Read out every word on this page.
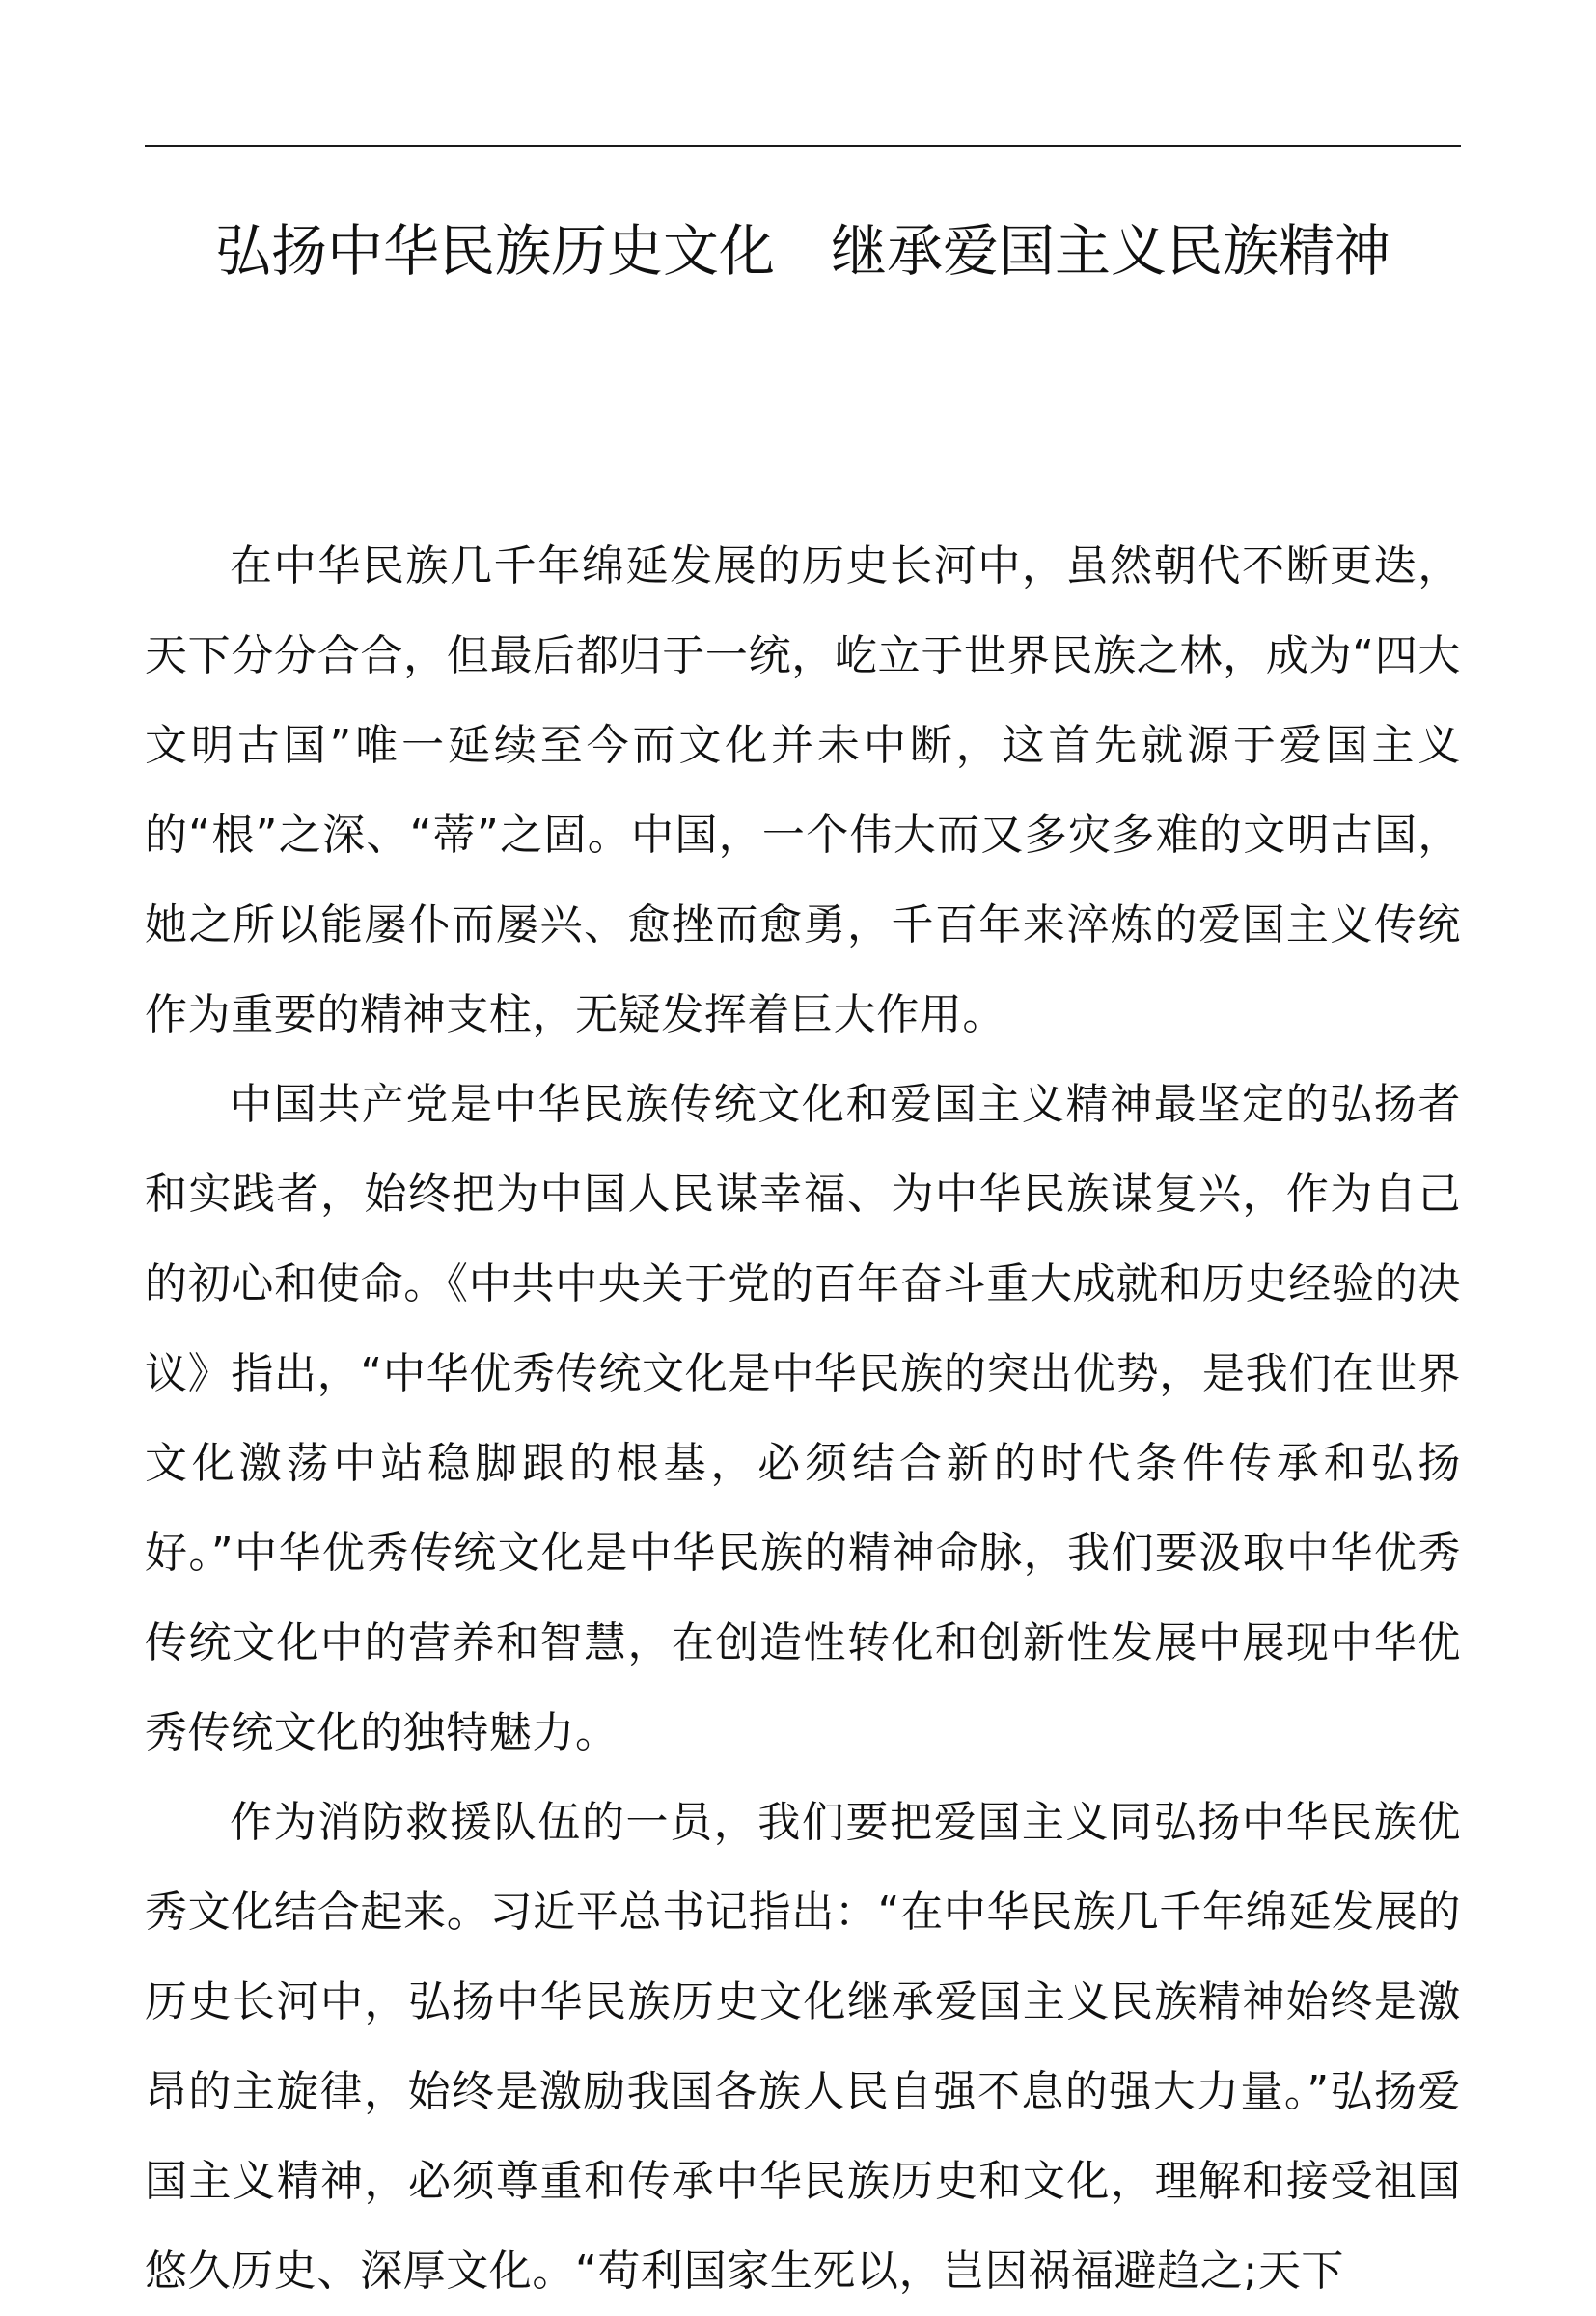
弘扬中华民族历史文化　继承爱国主义民族精神

在中华民族几千年绵延发展的历史长河中，虽然朝代不断更迭，天下分分合合，但最后都归于一统，屹立于世界民族之林，成为“四大文明古国”唯一延续至今而文化并未中断，这首先就源于爱国主义的“根”之深、“蒂”之固。中国，一个伟大而又多灾多难的文明古国，她之所以能屡仆而屡兴、愈挫而愈勇，千百年来淬炼的爱国主义传统作为重要的精神支柱，无疑发挥着巨大作用。

中国共产党是中华民族传统文化和爱国主义精神最坚定的弘扬者和实践者，始终把为中国人民谋幸福、为中华民族谋复兴，作为自己的初心和使命。《中共中央关于党的百年奋斗重大成就和历史经验的决议》指出，“中华优秀传统文化是中华民族的突出优势，是我们在世界文化激荡中站稳脚跟的根基，必须结合新的时代条件传承和弘扬好。”中华优秀传统文化是中华民族的精神命脉，我们要汲取中华优秀传统文化中的营养和智慧，在创造性转化和创新性发展中展现中华优秀传统文化的独特魅力。

作为消防救援队伍的一员，我们要把爱国主义同弘扬中华民族优秀文化结合起来。习近平总书记指出：“在中华民族几千年绵延发展的历史长河中，弘扬中华民族历史文化继承爱国主义民族精神始终是激昂的主旋律，始终是激励我国各族人民自强不息的强大力量。”弘扬爱国主义精神，必须尊重和传承中华民族历史和文化，理解和接受祖国悠久历史、深厚文化。“苟利国家生死以，岂因祸福避趋之;天下
